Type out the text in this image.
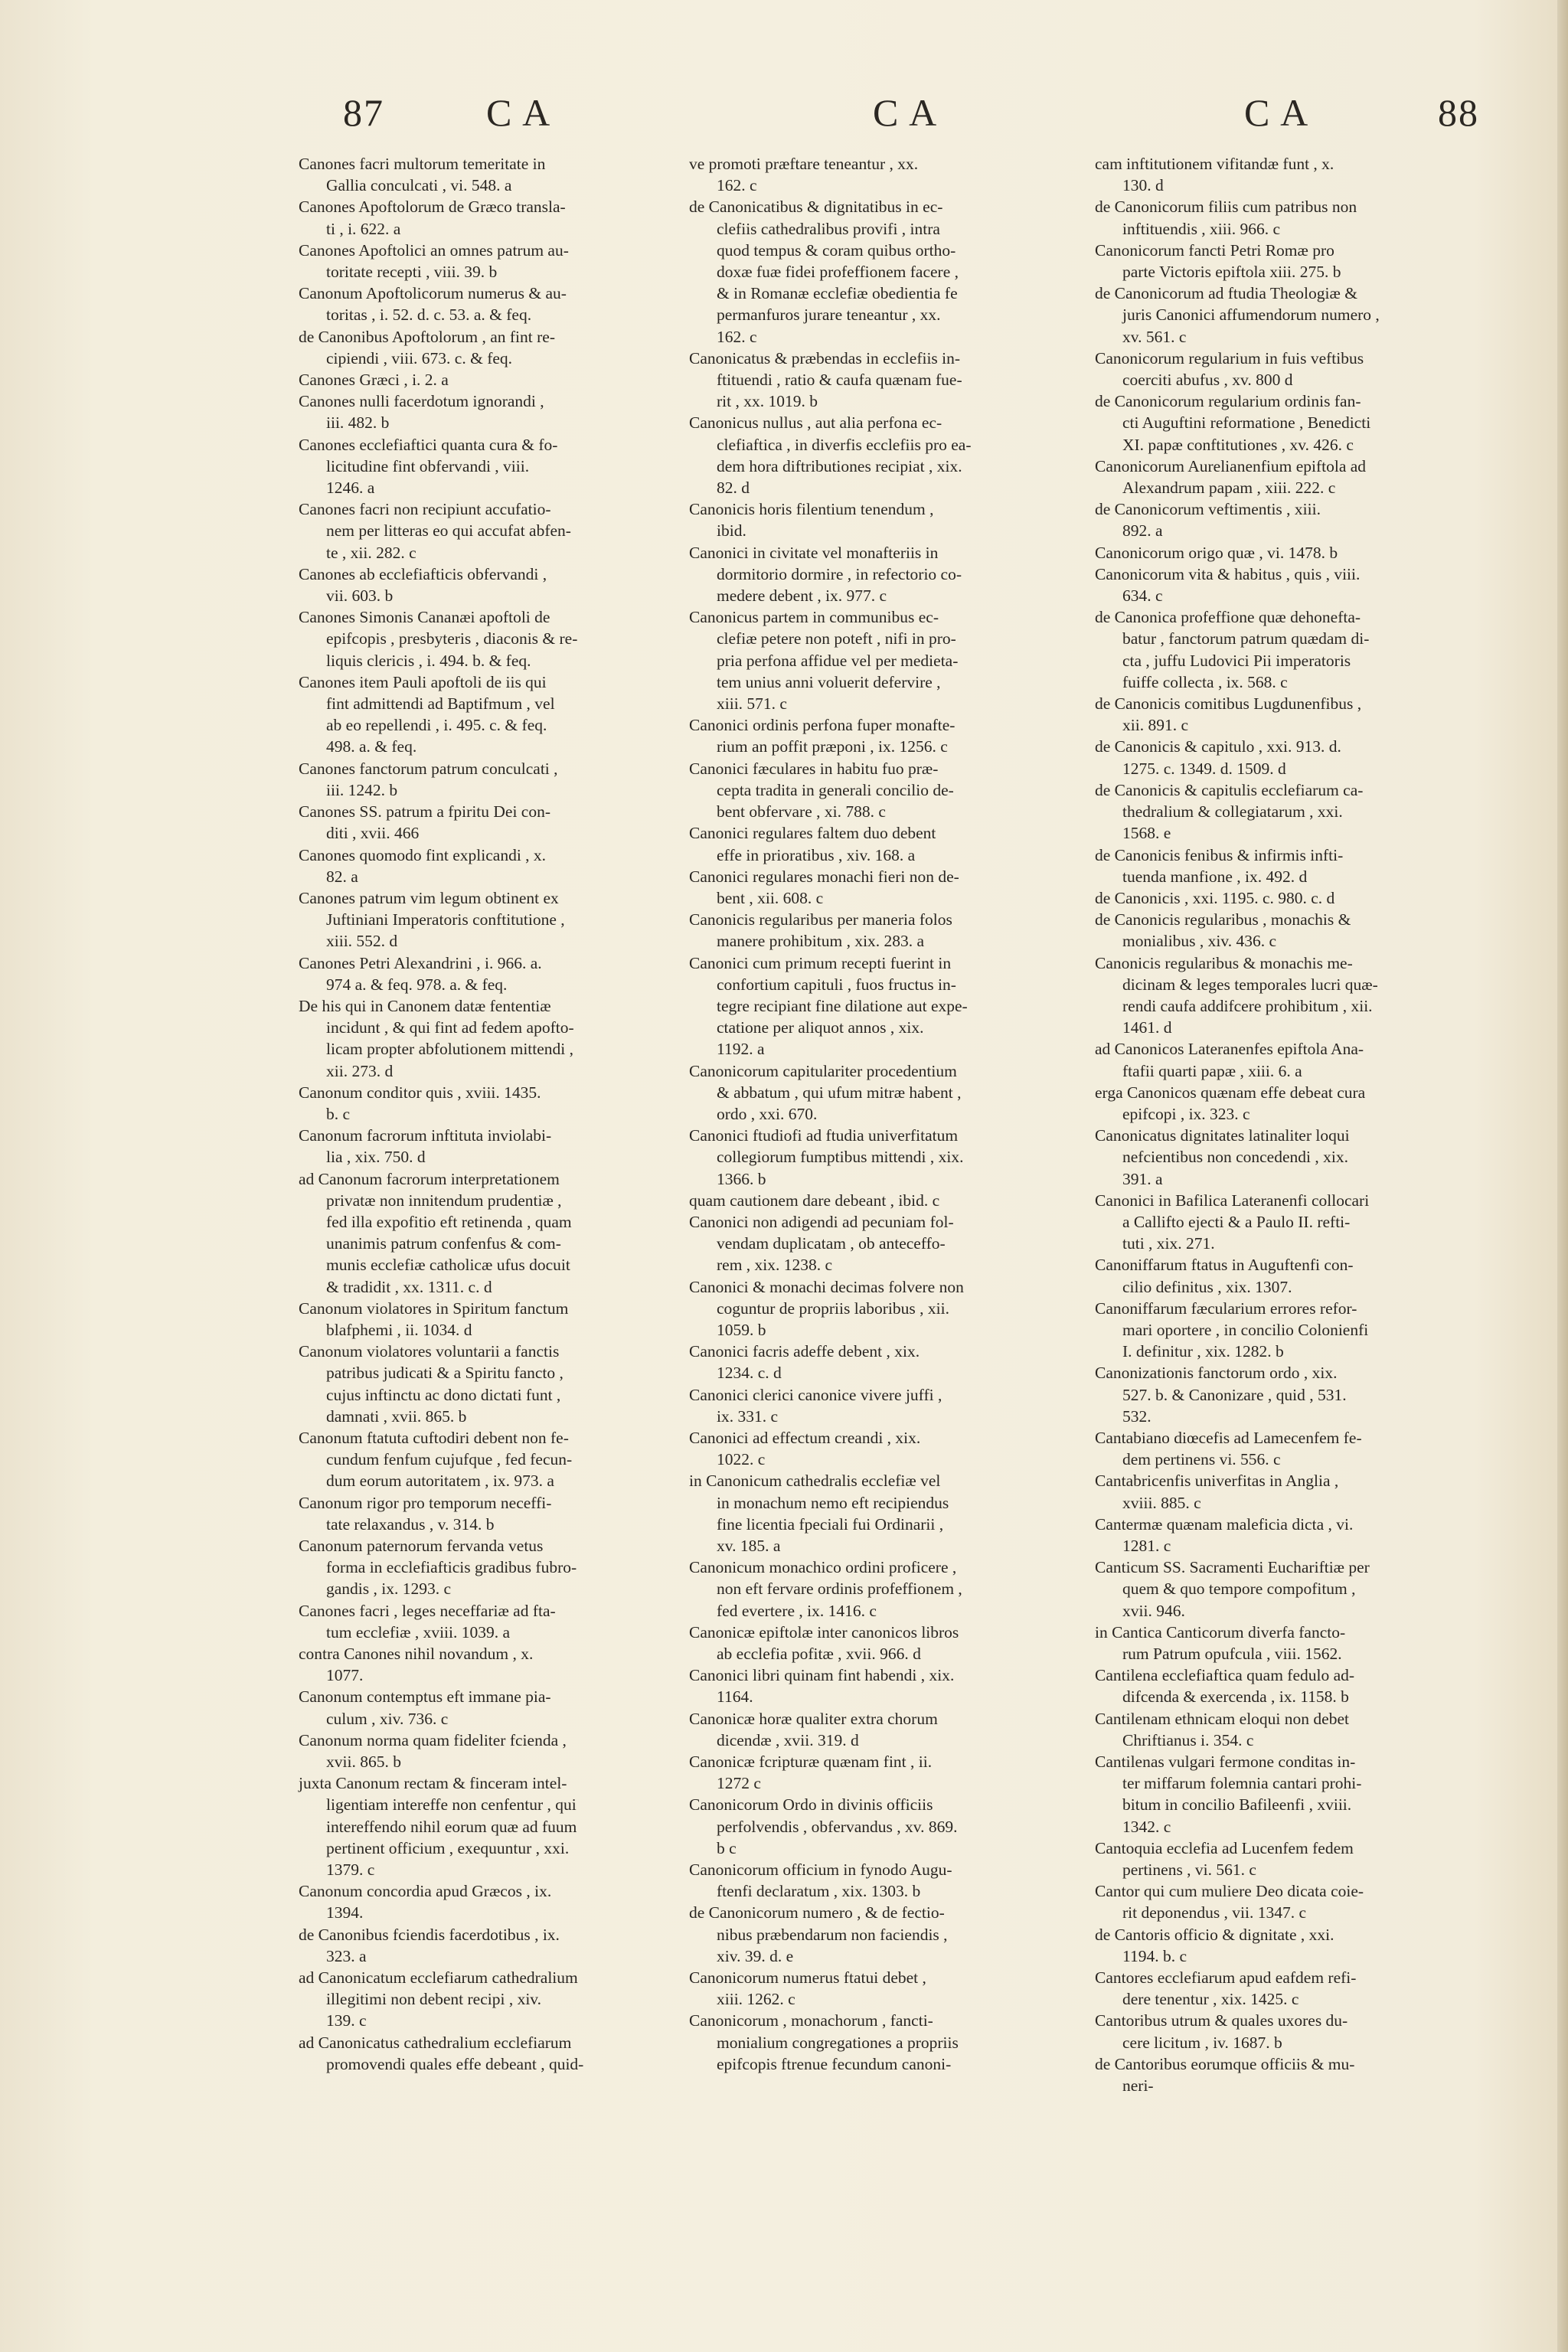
87	C A	C A	C A	88

Canones facri multorum temeritate in
Gallia conculcati , vi. 548. a

Canones Apoftolorum de Græco transla-
ti , i. 622. a

Canones Apoftolici an omnes patrum au-
toritate recepti , viii. 39. b

Canonum Apoftolicorum numerus & au-
toritas , i. 52. d. c. 53. a. & feq.

de Canonibus Apoftolorum , an fint re-
cipiendi , viii. 673. c. & feq.

Canones Græci , i. 2. a

Canones nulli facerdotum ignorandi ,
iii. 482. b

Canones ecclefiaftici quanta cura & fo-
licitudine fint obfervandi , viii.
1246. a

Canones facri non recipiunt accufatio-
nem per litteras eo qui accufat abfen-
te , xii. 282. c

Canones ab ecclefiafticis obfervandi ,
vii. 603. b

Canones Simonis Cananæi apoftoli de
epifcopis , presbyteris , diaconis & re-
liquis clericis , i. 494. b. & feq.

Canones item Pauli apoftoli de iis qui
fint admittendi ad Baptifmum , vel
ab eo repellendi , i. 495. c. & feq.
498. a. & feq.

Canones fanctorum patrum conculcati ,
iii. 1242. b

Canones SS. patrum a fpiritu Dei con-
diti , xvii. 466

Canones quomodo fint explicandi , x.
82. a

Canones patrum vim legum obtinent ex
Juftiniani Imperatoris conftitutione ,
xiii. 552. d

Canones Petri Alexandrini , i. 966. a.
974 a. & feq. 978. a. & feq.

De his qui in Canonem datæ fententiæ
incidunt , & qui fint ad fedem apofto-
licam propter abfolutionem mittendi ,
xii. 273. d

Canonum conditor quis , xviii. 1435.
b. c

Canonum facrorum inftituta inviolabi-
lia , xix. 750. d

ad Canonum facrorum interpretationem
privatæ non innitendum prudentiæ ,
fed illa expofitio eft retinenda , quam
unanimis patrum confenfus & com-
munis ecclefiæ catholicæ ufus docuit
& tradidit , xx. 1311. c. d

Canonum violatores in Spiritum fanctum
blafphemi , ii. 1034. d

Canonum violatores voluntarii a fanctis
patribus judicati & a Spiritu fancto ,
cujus inftinctu ac dono dictati funt ,
damnati , xvii. 865. b

Canonum ftatuta cuftodiri debent non fe-
cundum fenfum cujufque , fed fecun-
dum eorum autoritatem , ix. 973. a

Canonum rigor pro temporum neceffi-
tate relaxandus , v. 314. b

Canonum paternorum fervanda vetus
forma in ecclefiafticis gradibus fubro-
gandis , ix. 1293. c

Canones facri , leges neceffariæ ad fta-
tum ecclefiæ , xviii. 1039. a

contra Canones nihil novandum , x.
1077.

Canonum contemptus eft immane pia-
culum , xiv. 736. c

Canonum norma quam fideliter fcienda ,
xvii. 865. b

juxta Canonum rectam & finceram intel-
ligentiam intereffe non cenfentur , qui
intereffendo nihil eorum quæ ad fuum
pertinent officium , exequuntur , xxi.
1379. c

Canonum concordia apud Græcos , ix.
1394.

de Canonibus fciendis facerdotibus , ix.
323. a

ad Canonicatum ecclefiarum cathedralium
illegitimi non debent recipi , xiv.
139. c

ad Canonicatus cathedralium ecclefiarum
promovendi quales effe debeant , quid-

ve promoti præftare teneantur , xx.
162. c

de Canonicatibus & dignitatibus in ec-
clefiis cathedralibus provifi , intra
quod tempus & coram quibus ortho-
doxæ fuæ fidei profeffionem facere ,
& in Romanæ ecclefiæ obedientia fe
permanfuros jurare teneantur , xx.
162. c

Canonicatus & præbendas in ecclefiis in-
ftituendi , ratio & caufa quænam fue-
rit , xx. 1019. b

Canonicus nullus , aut alia perfona ec-
clefiaftica , in diverfis ecclefiis pro ea-
dem hora diftributiones recipiat , xix.
82. d

Canonicis horis filentium tenendum ,
ibid.

Canonici in civitate vel monafteriis in
dormitorio dormire , in refectorio co-
medere debent , ix. 977. c

Canonicus partem in communibus ec-
clefiæ petere non poteft , nifi in pro-
pria perfona affidue vel per medieta-
tem unius anni voluerit defervire ,
xiii. 571. c

Canonici ordinis perfona fuper monafte-
rium an poffit præponi , ix. 1256. c

Canonici fæculares in habitu fuo præ-
cepta tradita in generali concilio de-
bent obfervare , xi. 788. c

Canonici regulares faltem duo debent
effe in prioratibus , xiv. 168. a

Canonici regulares monachi fieri non de-
bent , xii. 608. c

Canonicis regularibus per maneria folos
manere prohibitum , xix. 283. a

Canonici cum primum recepti fuerint in
confortium capituli , fuos fructus in-
tegre recipiant fine dilatione aut expe-
ctatione per aliquot annos , xix.
1192. a

Canonicorum capitulariter procedentium
& abbatum , qui ufum mitræ habent ,
ordo , xxi. 670.

Canonici ftudiofi ad ftudia univerfitatum
collegiorum fumptibus mittendi , xix.
1366. b

quam cautionem dare debeant , ibid. c

Canonici non adigendi ad pecuniam fol-
vendam duplicatam , ob anteceffo-
rem , xix. 1238. c

Canonici & monachi decimas folvere non
coguntur de propriis laboribus , xii.
1059. b

Canonici facris adeffe debent , xix.
1234. c. d

Canonici clerici canonice vivere juffi ,
ix. 331. c

Canonici ad effectum creandi , xix.
1022. c

in Canonicum cathedralis ecclefiæ vel
in monachum nemo eft recipiendus
fine licentia fpeciali fui Ordinarii ,
xv. 185. a

Canonicum monachico ordini proficere ,
non eft fervare ordinis profeffionem ,
fed evertere , ix. 1416. c

Canonicæ epiftolæ inter canonicos libros
ab ecclefia pofitæ , xvii. 966. d

Canonici libri quinam fint habendi , xix.
1164.

Canonicæ horæ qualiter extra chorum
dicendæ , xvii. 319. d

Canonicæ fcripturæ quænam fint , ii.
1272 c

Canonicorum Ordo in divinis officiis
perfolvendis , obfervandus , xv. 869.
b c

Canonicorum officium in fynodo Augu-
ftenfi declaratum , xix. 1303. b

de Canonicorum numero , & de fectio-
nibus præbendarum non faciendis ,
xiv. 39. d. e

Canonicorum numerus ftatui debet ,
xiii. 1262. c

Canonicorum , monachorum , fancti-
monialium congregationes a propriis
epifcopis ftrenue fecundum canoni-

cam inftitutionem vifitandæ funt , x.
130. d

de Canonicorum filiis cum patribus non
inftituendis , xiii. 966. c

Canonicorum fancti Petri Romæ pro
parte Victoris epiftola xiii. 275. b

de Canonicorum ad ftudia Theologiæ &
juris Canonici affumendorum numero ,
xv. 561. c

Canonicorum regularium in fuis veftibus
coerciti abufus , xv. 800 d

de Canonicorum regularium ordinis fan-
cti Auguftini reformatione , Benedicti
XI. papæ conftitutiones , xv. 426. c

Canonicorum Aurelianenfium epiftola ad
Alexandrum papam , xiii. 222. c

de Canonicorum veftimentis , xiii.
892. a

Canonicorum origo quæ , vi. 1478. b

Canonicorum vita & habitus , quis , viii.
634. c

de Canonica profeffione quæ dehonefta-
batur , fanctorum patrum quædam di-
cta , juffu Ludovici Pii imperatoris
fuiffe collecta , ix. 568. c

de Canonicis comitibus Lugdunenfibus ,
xii. 891. c

de Canonicis & capitulo , xxi. 913. d.
1275. c. 1349. d. 1509. d

de Canonicis & capitulis ecclefiarum ca-
thedralium & collegiatarum , xxi.
1568. e

de Canonicis fenibus & infirmis infti-
tuenda manfione , ix. 492. d

de Canonicis , xxi. 1195. c. 980. c. d

de Canonicis regularibus , monachis &
monialibus , xiv. 436. c

Canonicis regularibus & monachis me-
dicinam & leges temporales lucri quæ-
rendi caufa addifcere prohibitum , xii.
1461. d

ad Canonicos Lateranenfes epiftola Ana-
ftafii quarti papæ , xiii. 6. a

erga Canonicos quænam effe debeat cura
epifcopi , ix. 323. c

Canonicatus dignitates latinaliter loqui
nefcientibus non concedendi , xix.
391. a

Canonici in Bafilica Lateranenfi collocari
a Callifto ejecti & a Paulo II. refti-
tuti , xix. 271.

Canoniffarum ftatus in Auguftenfi con-
cilio definitus , xix. 1307.

Canoniffarum fæcularium errores refor-
mari oportere , in concilio Colonienfi
I. definitur , xix. 1282. b

Canonizationis fanctorum ordo , xix.
527. b. & Canonizare , quid , 531.
532.

Cantabiano diœcefis ad Lamecenfem fe-
dem pertinens vi. 556. c

Cantabricenfis univerfitas in Anglia ,
xviii. 885. c

Cantermæ quænam maleficia dicta , vi.
1281. c

Canticum SS. Sacramenti Euchariftiæ per
quem & quo tempore compofitum ,
xvii. 946.

in Cantica Canticorum diverfa fancto-
rum Patrum opufcula , viii. 1562.

Cantilena ecclefiaftica quam fedulo ad-
difcenda & exercenda , ix. 1158. b

Cantilenam ethnicam eloqui non debet
Chriftianus i. 354. c

Cantilenas vulgari fermone conditas in-
ter miffarum folemnia cantari prohi-
bitum in concilio Bafileenfi , xviii.
1342. c

Cantoquia ecclefia ad Lucenfem fedem
pertinens , vi. 561. c

Cantor qui cum muliere Deo dicata coie-
rit deponendus , vii. 1347. c

de Cantoris officio & dignitate , xxi.
1194. b. c

Cantores ecclefiarum apud eafdem refi-
dere tenentur , xix. 1425. c

Cantoribus utrum & quales uxores du-
cere licitum , iv. 1687. b

de Cantoribus eorumque officiis & mu-
neri-
